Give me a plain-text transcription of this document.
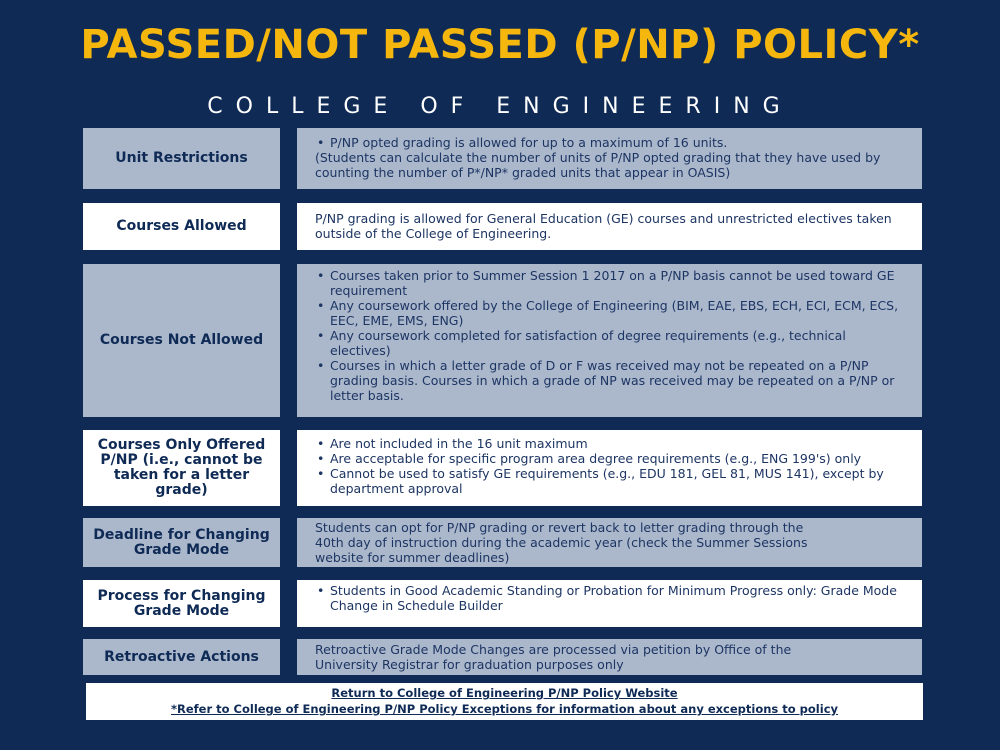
PASSED/NOT PASSED (P/NP) POLICY*
COLLEGE OF ENGINEERING
Unit Restrictions
• P/NP opted grading is allowed for up to a maximum of 16 units.

(Students can calculate the number of units of P/NP opted grading that they have used by counting the number of P*/NP* graded units that appear in OASIS)

Courses Allowed	P/NP grading is allowed for General Education (GE) courses and unrestricted electives taken outside of the College of Engineering.

Courses Not Allowed
• Courses taken prior to Summer Session 1 2017 on a P/NP basis cannot be used toward GE requirement
• Any coursework offered by the College of Engineering (BIM, EAE, EBS, ECH, ECI, ECM, ECS, EEC, EME, EMS, ENG)
• Any coursework completed for satisfaction of degree requirements (e.g., technical electives)
• Courses in which a letter grade of D or F was received may not be repeated on a P/NP grading basis. Courses in which a grade of NP was received may be repeated on a P/NP or letter basis.
Courses Only Offered P/NP (i.e., cannot be taken for a letter grade)
• Are not included in the 16 unit maximum
• Are acceptable for specific program area degree requirements (e.g., ENG 199's) only
• Cannot be used to satisfy GE requirements (e.g., EDU 181, GEL 81, MUS 141), except by department approval
Deadline for Changing Grade Mode

Students can opt for P/NP grading or revert back to letter grading through the 40th day of instruction during the academic year (check the Summer Sessions website for summer deadlines)

Process for Changing Grade Mode
• Students in Good Academic Standing or Probation for Minimum Progress only: Grade Mode Change in Schedule Builder
Retroactive Actions	Retroactive Grade Mode Changes are processed via petition by Office of the University Registrar for graduation purposes only

Return to College of Engineering P/NP Policy Website
*Refer to College of Engineering P/NP Policy Exceptions for information about any exceptions to policy
